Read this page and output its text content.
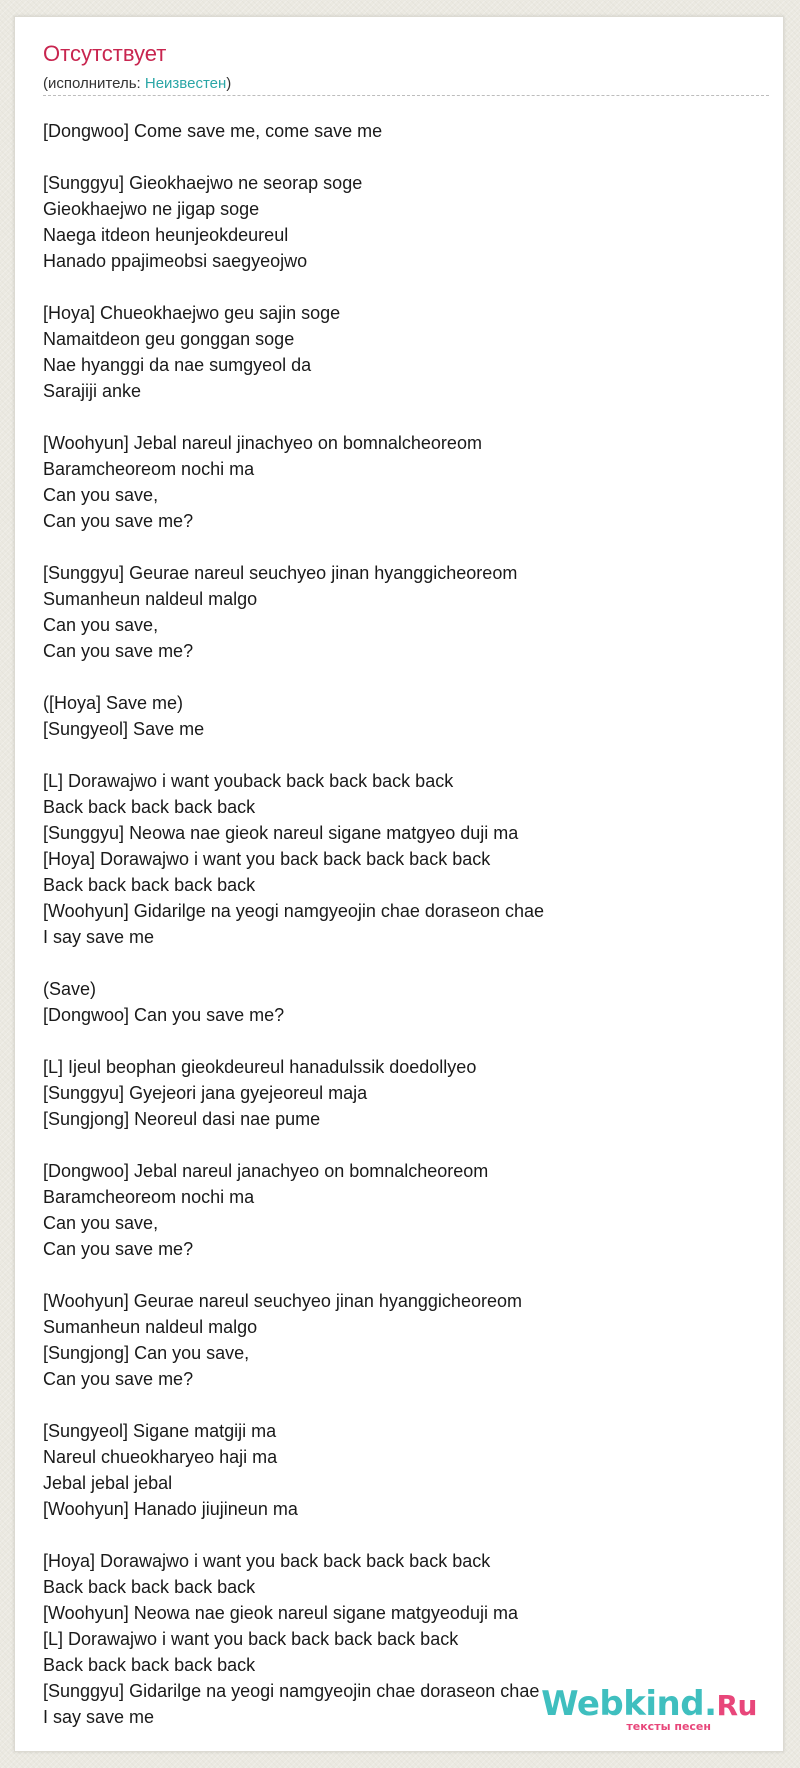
Отсутствует
(исполнитель: Неизвестен)
[Dongwoo] Come save me, come save me
[Sunggyu] Gieokhaejwo ne seorap soge
Gieokhaejwo ne jigap soge
Naega itdeon heunjeokdeureul
Hanado ppajimeobsi saegyeojwo
[Hoya] Chueokhaejwo geu sajin soge
Namaitdeon geu gonggan soge
Nae hyanggi da nae sumgyeol da
Sarajiji anke
[Woohyun] Jebal nareul jinachyeo on bomnalcheoreom
Baramcheoreom nochi ma
Can you save,
Can you save me?
[Sunggyu] Geurae nareul seuchyeo jinan hyanggicheoreom
Sumanheun naldeul malgo
Can you save,
Can you save me?
([Hoya] Save me)
[Sungyeol] Save me
[L] Dorawajwo i want youback back back back back
Back back back back back
[Sunggyu] Neowa nae gieok nareul sigane matgyeo duji ma
[Hoya] Dorawajwo i want you back back back back back
Back back back back back
[Woohyun] Gidarilge na yeogi namgyeojin chae doraseon chae
I say save me
(Save)
[Dongwoo] Can you save me?
[L] Ijeul beophan gieokdeureul hanadulssik doedollyeo
[Sunggyu] Gyejeori jana gyejeoreul maja
[Sungjong] Neoreul dasi nae pume
[Dongwoo] Jebal nareul janachyeo on bomnalcheoreom
Baramcheoreom nochi ma
Can you save,
Can you save me?
[Woohyun] Geurae nareul seuchyeo jinan hyanggicheoreom
Sumanheun naldeul malgo
[Sungjong] Can you save,
Can you save me?
[Sungyeol] Sigane matgiji ma
Nareul chueokharyeo haji ma
Jebal jebal jebal
[Woohyun] Hanado jiujineun ma
[Hoya] Dorawajwo i want you back back back back back
Back back back back back
[Woohyun] Neowa nae gieok nareul sigane matgyeoduji ma
[L] Dorawajwo i want you back back back back back
Back back back back back
[Sunggyu] Gidarilge na yeogi namgyeojin chae doraseon chae
I say save me	Webkind.Ru
тексты песен
